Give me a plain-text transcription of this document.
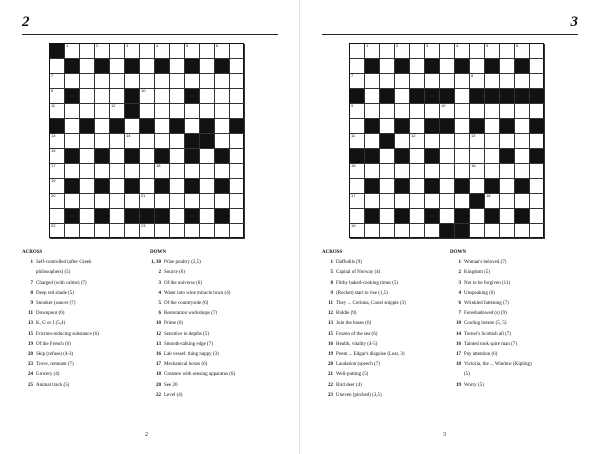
2
1	2	3	4	5	6
7
9	10
11	12
13	14
15
17	18
19
20	21
22	23
ACROSS
1 Self-controlled (after Greek
philosophers) (5)
7 Charged (with calme) (7)
8 Deep red shade (5)
9 Snooker (saucer (7)
11 Downpour (6)
13 K, G or J (5,4)
15 Friction-reducing substance (6)
19 Of the French (6)
20 Skip (refuse) (4-3)
23 Trove, remnant (7)
24 Grocery (4)
25 Animal track (5)
DOWN
1, 30 Prize poultry (2,5)
2 Source (6)
3 Of the universe (6)
4 Water into wine miracle town (4)
5 Of the countryside (6)
6 Restoration workshops (7)
10 Prime (6)
12 Sensitive to depths (5)
13 Smooth-talking edge (7)
16 Lab vessel: thing nappy (3)
17 Mechanical boxes (6)
18 Creature with sensing apparatus (6)
20 See 20
22 Level (4)
2
3
1	2	3	4	5	6
7	8
9	10
11	12	13
15	16
17	18
19
ACROSS
1 Daffodils (9)
5 Capital of Norway (4)
8 Filthy baked-cooking times (5)
9 (Rocket) start to rise (1,5)
11 They ... Corinna, Conel snipple (3)
12 Riddle (9)
13 Join the buses (6)
15 Frozen of the sea (6)
16 Health, vitality (4-5)
19 Poem ... Edgar's disguise (Lear, 3)
20 Laudation (speech (7)
21 Well-putting (5)
22 Bird deer (4)
23 Uneven (pitched) (3,5)
DOWN
1 Woman's beloved (7)
2 Kingdom (5)
3 Not to be forgiven (11)
4 Unspeaking (6)
6 Wrinkled fattening (7)
7 Foreshadowed (s) (9)
10 Cooling breeze (5, 5)
14 Turner's Scottish all (7)
16 Tainted took spire man (7)
17 Pay attention (6)
18 Victoria, the ... Window (Kipling)
(5)
19 Worry (5)
3
